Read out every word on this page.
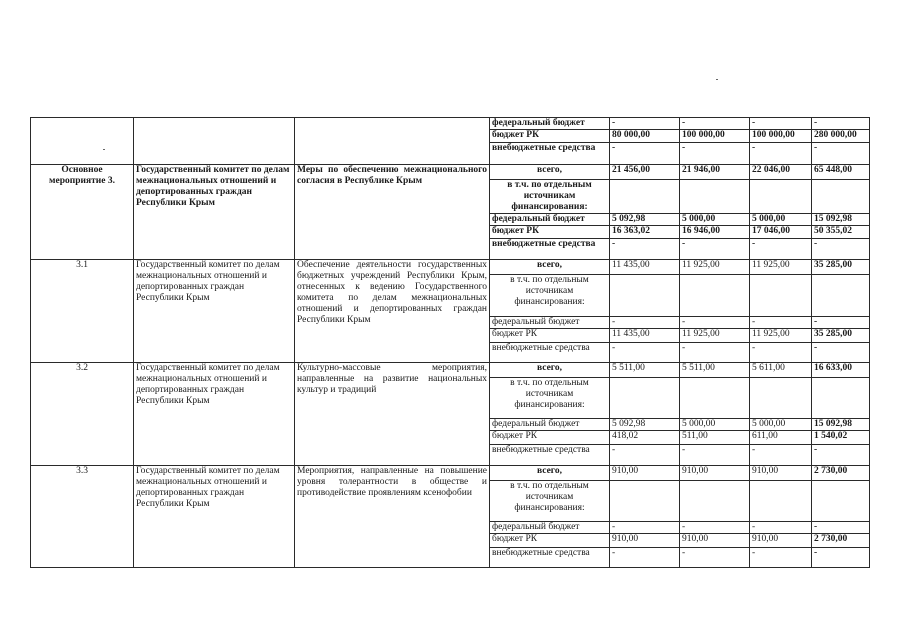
			федеральный бюджет	-	-	-	-
			бюджет РК	80 000,00	100 000,00	100 000,00	280 000,00
			внебюджетные средства	-	-	-	-
Основное мероприятие 3.	Государственный комитет по делам межнациональных отношений и депортированных граждан Республики Крым	Меры по обеспечению межнационального согласия в Республике Крым	всего,	21 456,00	21 946,00	22 046,00	65 448,00
			в т.ч. по отдельным источникам финансирования:				
			федеральный бюджет	5 092,98	5 000,00	5 000,00	15 092,98
			бюджет РК	16 363,02	16 946,00	17 046,00	50 355,02
			внебюджетные средства	-	-	-	-
3.1	Государственный комитет по делам межнациональных отношений и депортированных граждан Республики Крым	Обеспечение деятельности государственных бюджетных учреждений Республики Крым, отнесенных к ведению Государственного комитета по делам межнациональных отношений и депортированных граждан Республики Крым	всего,	11 435,00	11 925,00	11 925,00	35 285,00
			в т.ч. по отдельным источникам финансирования:				
			федеральный бюджет	-	-	-	-
			бюджет РК	11 435,00	11 925,00	11 925,00	35 285,00
			внебюджетные средства	-	-	-	-
3.2	Государственный комитет по делам межнациональных отношений и депортированных граждан Республики Крым	Культурно-массовые мероприятия, направленные на развитие национальных культур и традиций	всего,	5 511,00	5 511,00	5 611,00	16 633,00
			в т.ч. по отдельным источникам финансирования:				
			федеральный бюджет	5 092,98	5 000,00	5 000,00	15 092,98
			бюджет РК	418,02	511,00	611,00	1 540,02
			внебюджетные средства	-	-	-	-
3.3	Государственный комитет по делам межнациональных отношений и депортированных граждан Республики Крым	Мероприятия, направленные на повышение уровня толерантности в обществе и противодействие проявлениям ксенофобии	всего,	910,00	910,00	910,00	2 730,00
			в т.ч. по отдельным источникам финансирования:				
			федеральный бюджет	-	-	-	-
			бюджет РК	910,00	910,00	910,00	2 730,00
			внебюджетные средства	-	-	-	-
